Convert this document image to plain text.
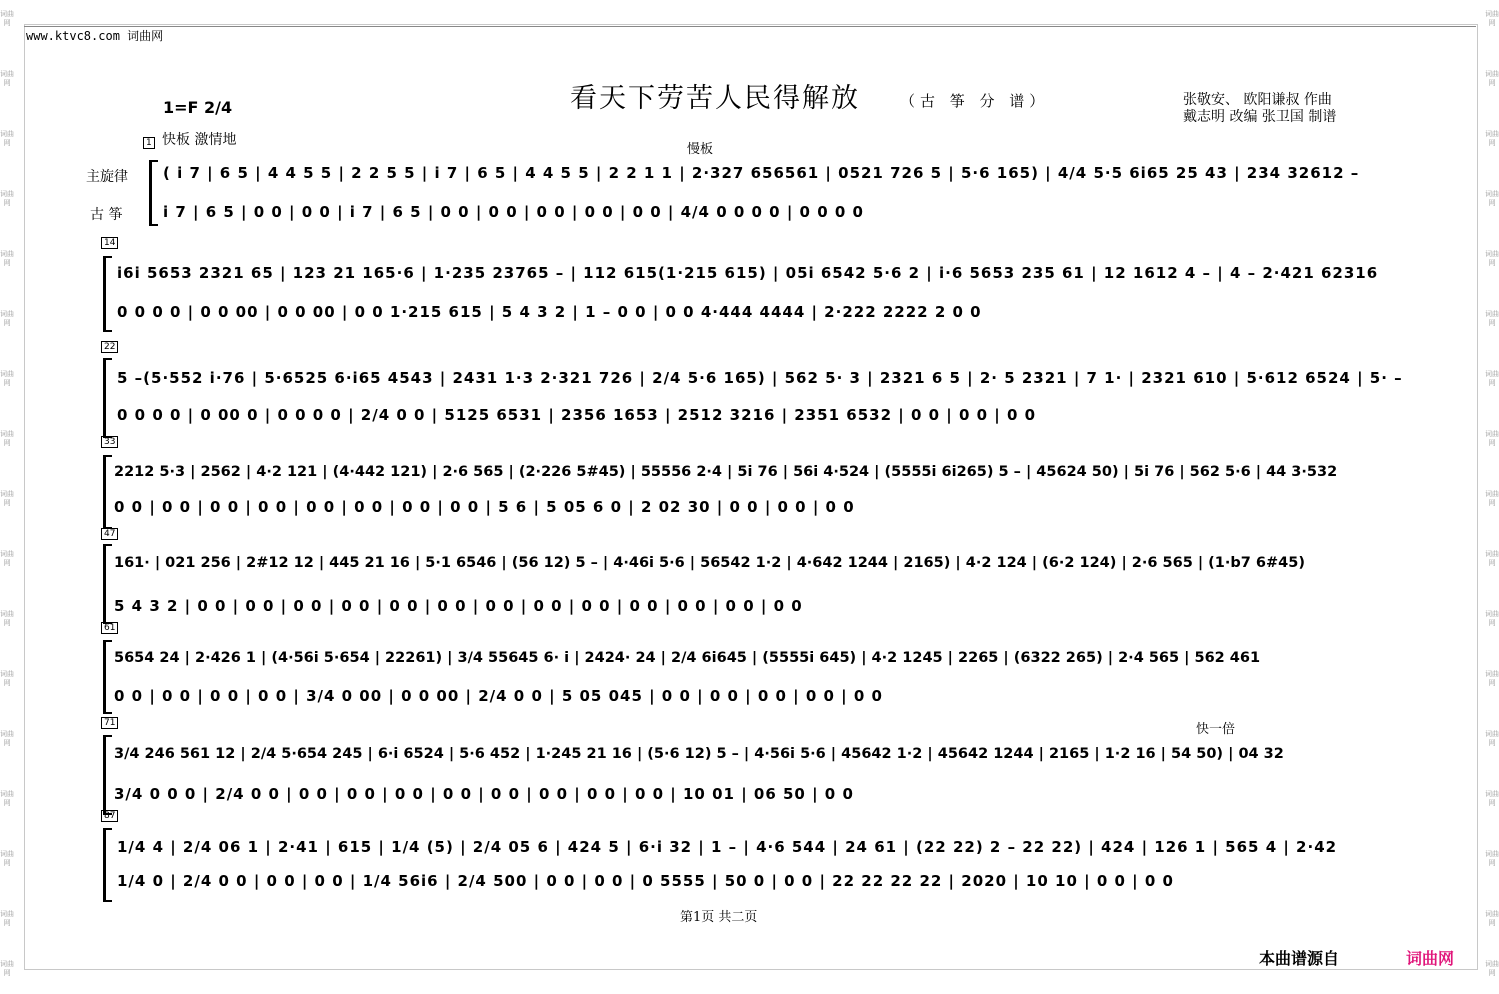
词曲网
词曲网
词曲网
词曲网
词曲网
词曲网
词曲网
词曲网
词曲网
词曲网
词曲网
词曲网
词曲网
词曲网
词曲网
词曲网
词曲网
词曲网
词曲网
词曲网
词曲网
词曲网
词曲网
词曲网
词曲网
词曲网
词曲网
词曲网
词曲网
词曲网
词曲网
词曲网
词曲网
词曲网
www.ktvc8.com 词曲网
看天下劳苦人民得解放	（古 筝 分 谱）	张敬安、 欧阳谦叔 作曲
戴志明 改编 张卫国 制谱
1=F 2/4
快板 激情地
慢板
快一倍
主旋律
古 筝
1
( i 7 | 6 5 | 4 4 5 5 | 2 2 5 5 | i 7 | 6 5 | 4 4 5 5 | 2 2 1 1 | 2·327 656561 | 0521 726 5 | 5·6 165) | 4/4 5·5 6i65 25 43 | 234 32612 –
i 7 | 6 5 | 0 0 | 0 0 | i 7 | 6 5 | 0 0 | 0 0 | 0 0 | 0 0 | 0 0 | 4/4 0 0 0 0 | 0 0 0 0
14
i6i 5653 2321 65 | 123 21 165·6 | 1·235 23765 – | 112 615(1·215 615) | 05i 6542 5·6 2 | i·6 5653 235 61 | 12 1612 4 – | 4 – 2·421 62316
0 0 0 0 | 0 0 00 | 0 0 00 | 0 0 1·215 615 | 5 4 3 2 | 1 – 0 0 | 0 0 4·444 4444 | 2·222 2222 2 0 0
22
5 –(5·552 i·76 | 5·6525 6·i65 4543 | 2431 1·3 2·321 726 | 2/4 5·6 165) | 562 5· 3 | 2321 6 5 | 2· 5 2321 | 7 1· | 2321 610 | 5·612 6524 | 5· –
0 0 0 0 | 0 00 0 | 0 0 0 0 | 2/4 0 0 | 5125 6531 | 2356 1653 | 2512 3216 | 2351 6532 | 0 0 | 0 0 | 0 0
33
2212 5·3 | 2562 | 4·2 121 | (4·442 121) | 2·6 565 | (2·226 5#45) | 55556 2·4 | 5i 76 | 56i 4·524 | (5555i 6i265) 5 – | 45624 50) | 5i 76 | 562 5·6 | 44 3·532
0 0 | 0 0 | 0 0 | 0 0 | 0 0 | 0 0 | 0 0 | 0 0 | 5 6 | 5 05 6 0 | 2 02 30 | 0 0 | 0 0 | 0 0
47
161· | 021 256 | 2#12 12 | 445 21 16 | 5·1 6546 | (56 12) 5 – | 4·46i 5·6 | 56542 1·2 | 4·642 1244 | 2165) | 4·2 124 | (6·2 124) | 2·6 565 | (1·b7 6#45)
5 4 3 2 | 0 0 | 0 0 | 0 0 | 0 0 | 0 0 | 0 0 | 0 0 | 0 0 | 0 0 | 0 0 | 0 0 | 0 0 | 0 0
61
5654 24 | 2·426 1 | (4·56i 5·654 | 22261) | 3/4 55645 6· i | 2424· 24 | 2/4 6i645 | (5555i 645) | 4·2 1245 | 2265 | (6322 265) | 2·4 565 | 562 461
0 0 | 0 0 | 0 0 | 0 0 | 3/4 0 00 | 0 0 00 | 2/4 0 0 | 5 05 045 | 0 0 | 0 0 | 0 0 | 0 0 | 0 0
71
3/4 246 561 12 | 2/4 5·654 245 | 6·i 6524 | 5·6 452 | 1·245 21 16 | (5·6 12) 5 – | 4·56i 5·6 | 45642 1·2 | 45642 1244 | 2165 | 1·2 16 | 54 50) | 04 32
3/4 0 0 0 | 2/4 0 0 | 0 0 | 0 0 | 0 0 | 0 0 | 0 0 | 0 0 | 0 0 | 0 0 | 10 01 | 06 50 | 0 0
87
1/4 4 | 2/4 06 1 | 2·41 | 615 | 1/4 (5) | 2/4 05 6 | 424 5 | 6·i 32 | 1 – | 4·6 544 | 24 61 | (22 22) 2 – 22 22) | 424 | 126 1 | 565 4 | 2·42
1/4 0 | 2/4 0 0 | 0 0 | 0 0 | 1/4 56i6 | 2/4 500 | 0 0 | 0 0 | 0 5555 | 50 0 | 0 0 | 22 22 22 22 | 2020 | 10 10 | 0 0 | 0 0
第1页 共二页
本曲谱源自	词曲网
